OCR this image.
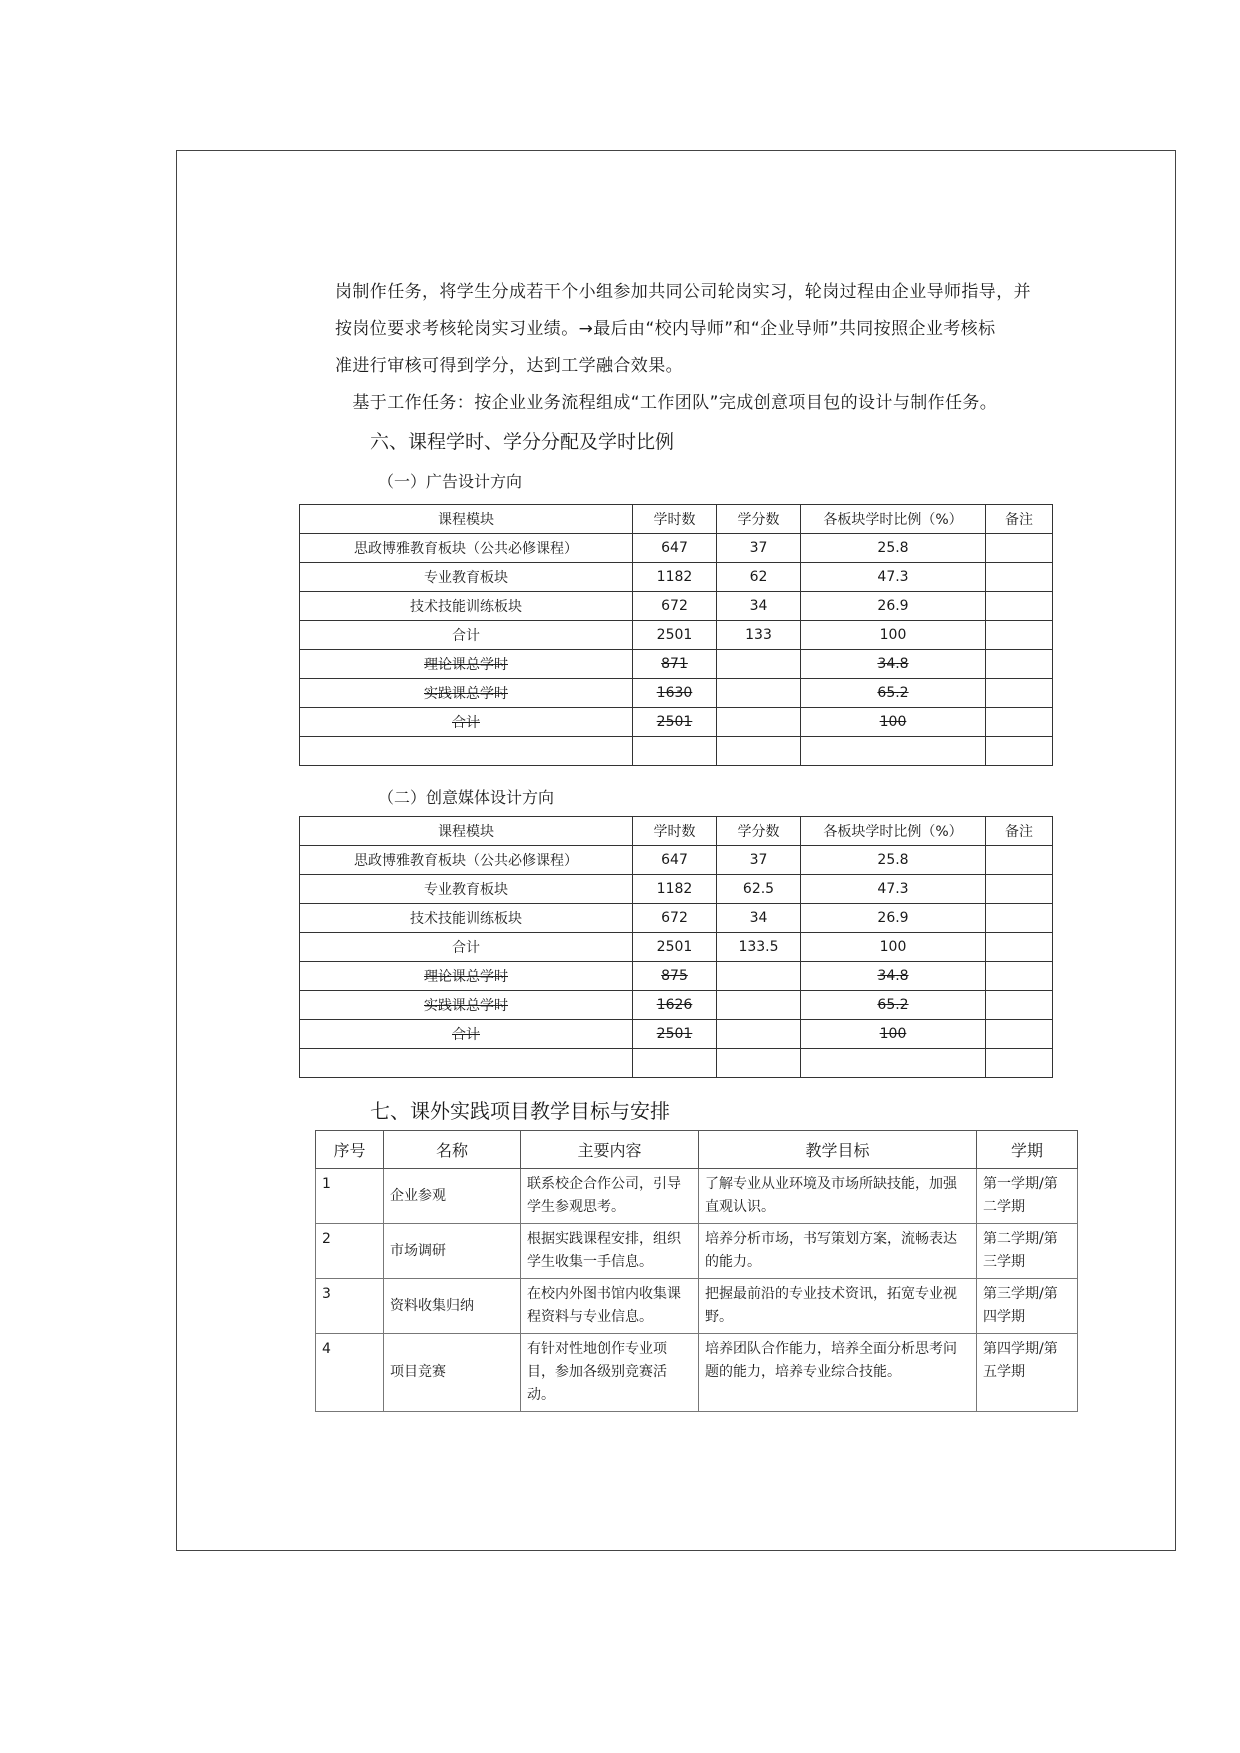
岗制作任务，将学生分成若干个小组参加共同公司轮岗实习，轮岗过程由企业导师指导，并

按岗位要求考核轮岗实习业绩。→最后由“校内导师”和“企业导师”共同按照企业考核标

准进行审核可得到学分，达到工学融合效果。

　基于工作任务：按企业业务流程组成“工作团队”完成创意项目包的设计与制作任务。

六、课程学时、学分分配及学时比例
（一）广告设计方向
课程模块	学时数	学分数	各板块学时比例（%）	备注
思政博雅教育板块（公共必修课程）	647	37	25.8	
专业教育板块	1182	62	47.3	
技术技能训练板块	672	34	26.9	
合计	2501	133	100	
理论课总学时	871		34.8	
实践课总学时	1630		65.2	
合计	2501		100	

（二）创意媒体设计方向
课程模块	学时数	学分数	各板块学时比例（%）	备注
思政博雅教育板块（公共必修课程）	647	37	25.8	
专业教育板块	1182	62.5	47.3	
技术技能训练板块	672	34	26.9	
合计	2501	133.5	100	
理论课总学时	875		34.8	
实践课总学时	1626		65.2	
合计	2501		100	

七、课外实践项目教学目标与安排
序号	名称	主要内容	教学目标	学期
1	企业参观	联系校企合作公司，引导学生参观思考。	了解专业从业环境及市场所缺技能，加强直观认识。	第一学期/第二学期
2	市场调研	根据实践课程安排，组织学生收集一手信息。	培养分析市场，书写策划方案，流畅表达的能力。	第二学期/第三学期
3	资料收集归纳	在校内外图书馆内收集课程资料与专业信息。	把握最前沿的专业技术资讯，拓宽专业视野。	第三学期/第四学期
4	项目竞赛	有针对性地创作专业项目，参加各级别竞赛活动。	培养团队合作能力，培养全面分析思考问题的能力，培养专业综合技能。	第四学期/第五学期
